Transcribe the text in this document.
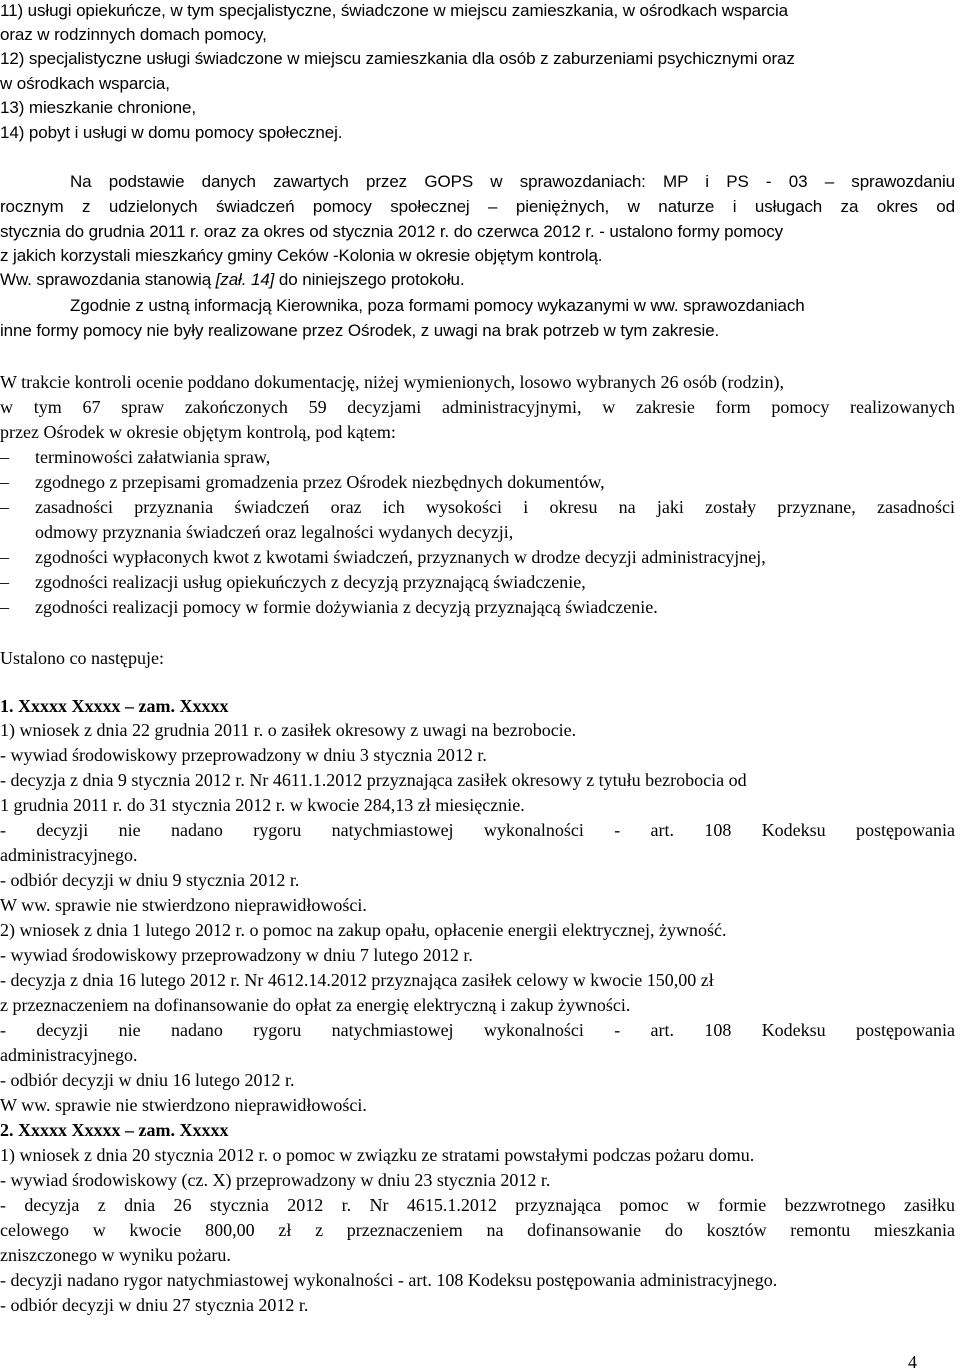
11) usługi opiekuńcze, w tym specjalistyczne, świadczone w miejscu zamieszkania, w ośrodkach wsparcia
oraz w rodzinnych domach pomocy,
12) specjalistyczne usługi świadczone w miejscu zamieszkania dla osób z zaburzeniami psychicznymi oraz
w ośrodkach wsparcia,
13) mieszkanie chronione,
14) pobyt i usługi w domu pomocy społecznej.
Na podstawie danych zawartych przez GOPS w sprawozdaniach: MP i PS - 03 – sprawozdaniu
rocznym z udzielonych świadczeń pomocy społecznej – pieniężnych, w naturze i usługach za okres od
stycznia do grudnia 2011 r. oraz za okres od stycznia 2012 r. do czerwca 2012 r. - ustalono formy pomocy
z jakich korzystali mieszkańcy gminy Ceków -Kolonia w okresie objętym kontrolą.
Ww. sprawozdania stanowią [zał. 14] do niniejszego protokołu.
Zgodnie z ustną informacją Kierownika, poza formami pomocy wykazanymi w ww. sprawozdaniach
inne formy pomocy nie były realizowane przez Ośrodek, z uwagi na brak potrzeb w tym zakresie.
W trakcie kontroli ocenie poddano dokumentację, niżej wymienionych, losowo wybranych 26 osób (rodzin),
w tym 67 spraw zakończonych 59 decyzjami administracyjnymi, w zakresie form pomocy realizowanych
przez Ośrodek w okresie objętym kontrolą, pod kątem:
– terminowości załatwiania spraw,
– zgodnego z przepisami gromadzenia przez Ośrodek niezbędnych dokumentów,
– zasadności przyznania świadczeń oraz ich wysokości i okresu na jaki zostały przyznane, zasadności
odmowy przyznania świadczeń oraz legalności wydanych decyzji,
– zgodności wypłaconych kwot z kwotami świadczeń, przyznanych w drodze decyzji administracyjnej,
– zgodności realizacji usług opiekuńczych z decyzją przyznającą świadczenie,
– zgodności realizacji pomocy w formie dożywiania z decyzją przyznającą świadczenie.
Ustalono co następuje:
1. Xxxxx Xxxxx – zam. Xxxxx
1) wniosek z dnia 22 grudnia 2011 r. o zasiłek okresowy z uwagi na bezrobocie.
- wywiad środowiskowy przeprowadzony w dniu 3 stycznia 2012 r.
- decyzja z dnia 9 stycznia 2012 r. Nr 4611.1.2012 przyznająca zasiłek okresowy z tytułu bezrobocia od
1 grudnia 2011 r. do 31 stycznia 2012 r. w kwocie 284,13 zł miesięcznie.
- decyzji nie nadano rygoru natychmiastowej wykonalności - art. 108 Kodeksu postępowania
administracyjnego.
- odbiór decyzji w dniu 9 stycznia 2012 r.
W ww. sprawie nie stwierdzono nieprawidłowości.
2) wniosek z dnia 1 lutego 2012 r. o pomoc na zakup opału, opłacenie energii elektrycznej, żywność.
- wywiad środowiskowy przeprowadzony w dniu 7 lutego 2012 r.
- decyzja z dnia 16 lutego 2012 r. Nr 4612.14.2012 przyznająca zasiłek celowy w kwocie 150,00 zł
z przeznaczeniem na dofinansowanie do opłat za energię elektryczną i zakup żywności.
- decyzji nie nadano rygoru natychmiastowej wykonalności - art. 108 Kodeksu postępowania
administracyjnego.
- odbiór decyzji w dniu 16 lutego 2012 r.
W ww. sprawie nie stwierdzono nieprawidłowości.
2. Xxxxx Xxxxx – zam. Xxxxx
1) wniosek z dnia 20 stycznia 2012 r. o pomoc w związku ze stratami powstałymi podczas pożaru domu.
- wywiad środowiskowy (cz. X) przeprowadzony w dniu 23 stycznia 2012 r.
- decyzja z dnia 26 stycznia 2012 r. Nr 4615.1.2012 przyznająca pomoc w formie bezzwrotnego zasiłku
celowego w kwocie 800,00 zł z przeznaczeniem na dofinansowanie do kosztów remontu mieszkania
zniszczonego w wyniku pożaru.
- decyzji nadano rygor natychmiastowej wykonalności - art. 108 Kodeksu postępowania administracyjnego.
- odbiór decyzji w dniu 27 stycznia 2012 r.
4
